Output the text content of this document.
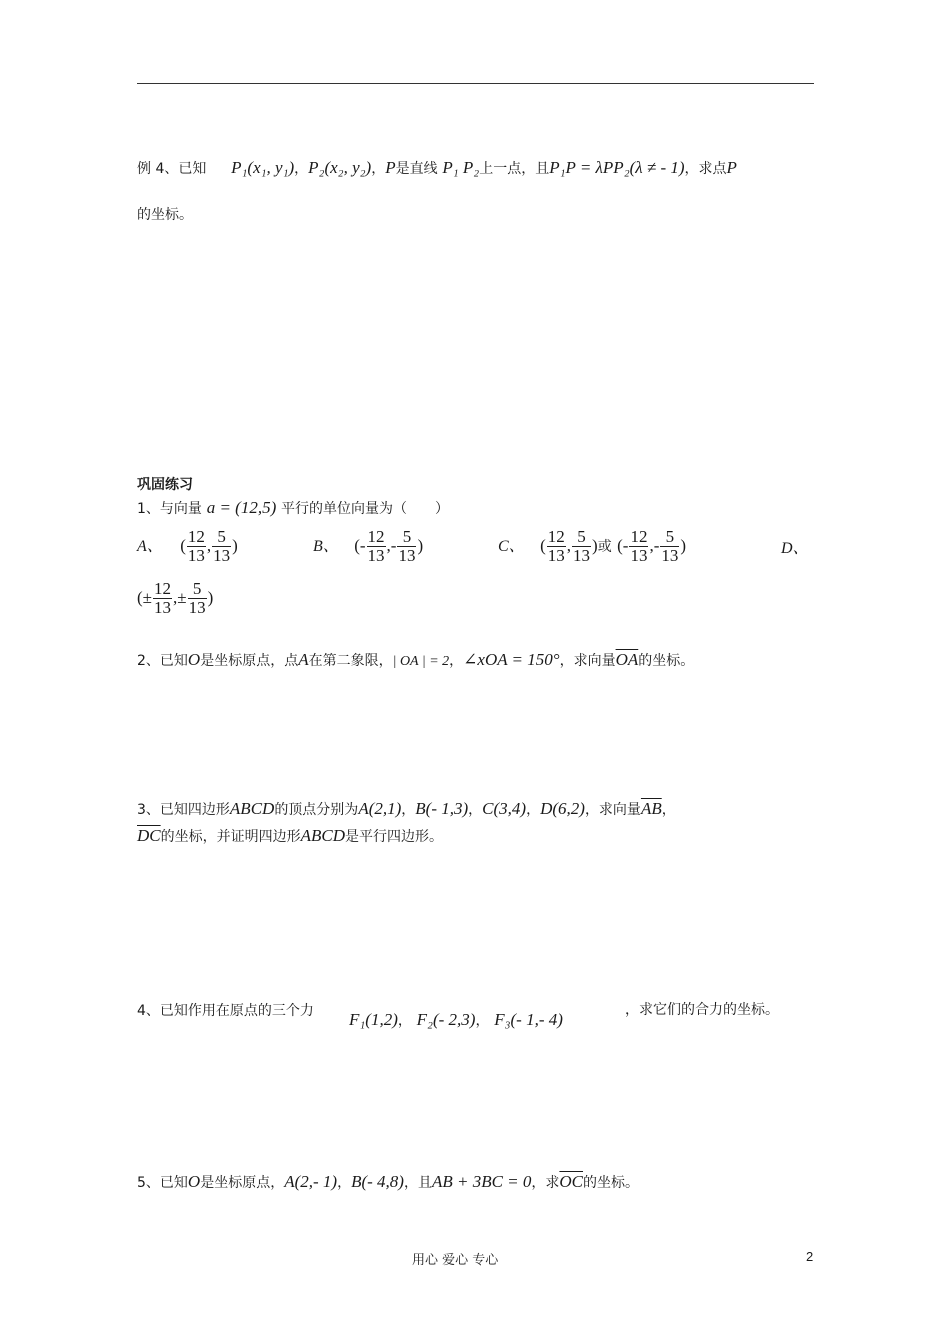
例 4、已知 P₁(x₁, y₁)，P₂(x₂, y₂)，P是直线 P₁ P₂上一点，且P₁P = λPP₂(λ ≠ - 1)，求点P
的坐标。
巩固练习
1、与向量 a = (12,5) 平行的单位向量为（　　）
A、 ( $\frac{12}{13}$ , $\frac{5}{13}$ )	B、 (- $\frac{12}{13}$ ,- $\frac{5}{13}$ )	C、 ( $\frac{12}{13}$ , $\frac{5}{13}$ )或 (- $\frac{12}{13}$ ,- $\frac{5}{13}$ )	D、
(± $\frac{12}{13}$ ,± $\frac{5}{13}$ )
2、已知O是坐标原点，点A在第二象限，| OA | = 2，∠xOA = 150°，求向量$\overline{OA}$的坐标。
3、已知四边形ABCD的顶点分别为A(2,1)，B(- 1,3)，C(3,4)，D(6,2)，求向量$\overline{AB}$，
$\overline{DC}$的坐标，并证明四边形ABCD是平行四边形。
4、已知作用在原点的三个力 F₁(1,2)， F₂(- 2,3)， F₃(- 1,- 4)	，求它们的合力的坐标。
5、已知O是坐标原点，A(2,- 1)，B(- 4,8)，且AB + 3BC = 0，求$\overline{OC}$的坐标。
用心 爱心 专心	2
